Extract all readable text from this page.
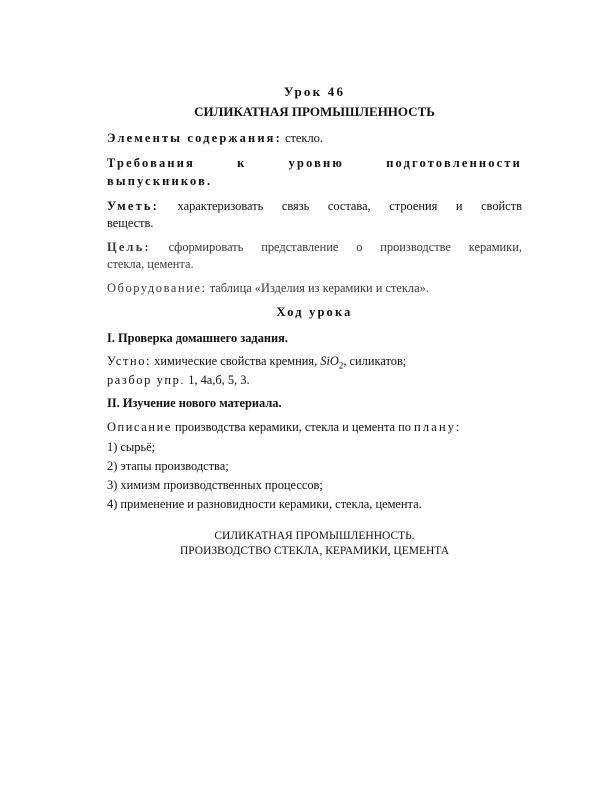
Урок 46
СИЛИКАТНАЯ ПРОМЫШЛЕННОСТЬ
Элементы содержания: стекло.
Требования	к	уровню	подготовленности
выпускников.
Уметь: характеризовать связь состава, строения и свойств
веществ.
Цель: сформировать представление о производстве керамики,
стекла, цемента.
Оборудование: таблица «Изделия из керамики и стекла».
Ход урока
I. Проверка домашнего задания.
Устно: химические свойства кремния, SiO$_2$, силикатов;
разбор упр. 1, 4а,б, 5, 3.
II. Изучение нового материала.
Описание производства керамики, стекла и цемента по плану:
1) сырьё;
2) этапы производства;
3) химизм производственных процессов;
4) применение и разновидности керамики, стекла, цемента.
СИЛИКАТНАЯ ПРОМЫШЛЕННОСТЬ.
ПРОИЗВОДСТВО СТЕКЛА, КЕРАМИКИ, ЦЕМЕНТА
